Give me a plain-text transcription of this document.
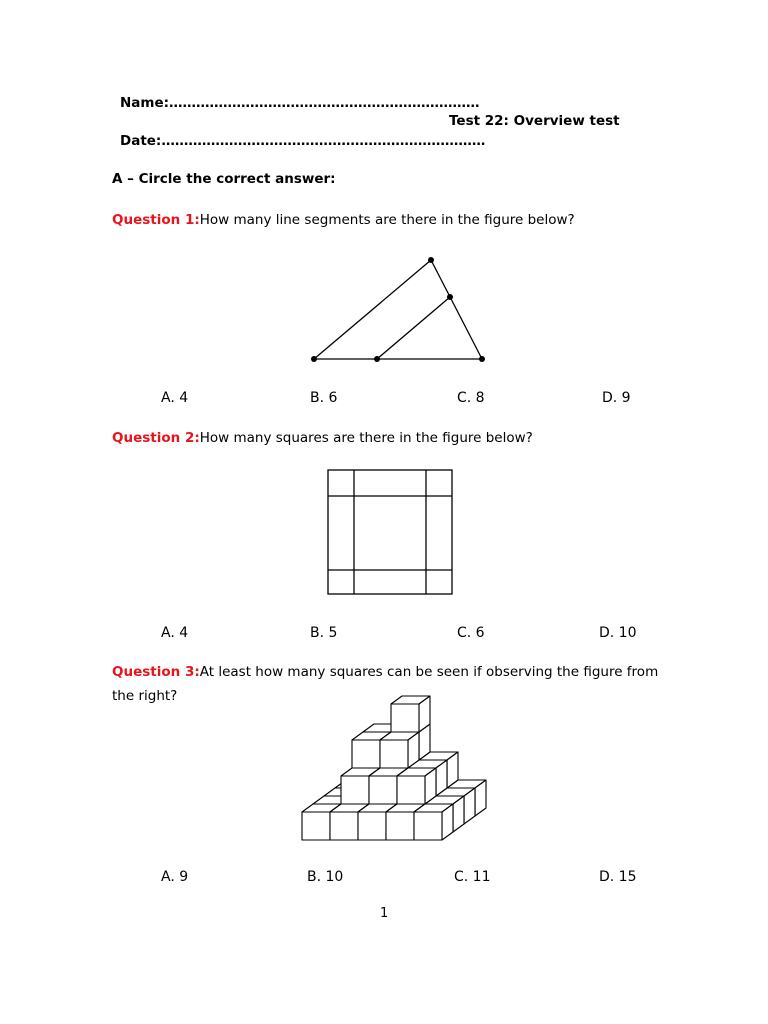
Name:……………………………………………………………
Test 22: Overview test
Date:………………………………………………………………
A – Circle the correct answer:
Question 1:How many line segments are there in the figure below?
A. 4	B. 6	C. 8	D. 9
Question 2:How many squares are there in the figure below?
A. 4	B. 5	C. 6	D. 10
Question 3:At least how many squares can be seen if observing the figure from the right?
A. 9	B. 10	C. 11	D. 15
1
